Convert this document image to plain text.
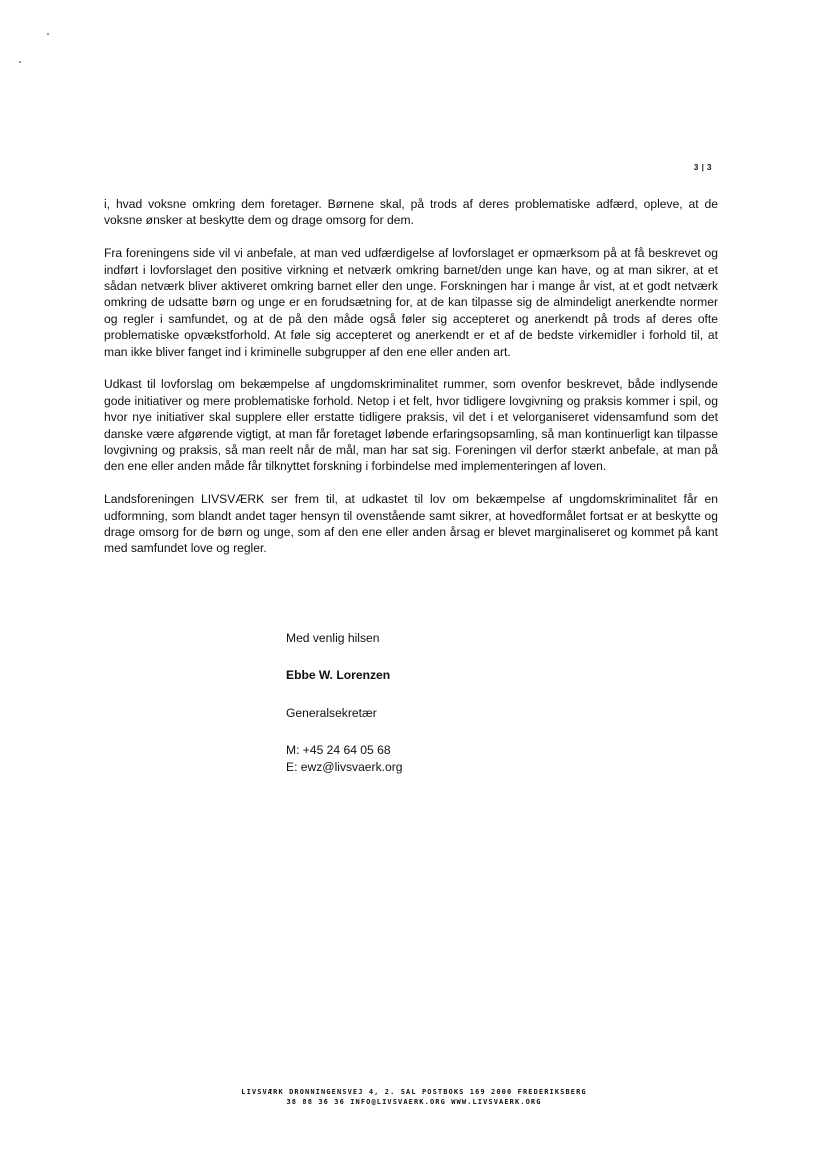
3 | 3

i, hvad voksne omkring dem foretager. Børnene skal, på trods af deres problematiske adfærd, opleve, at de voksne ønsker at beskytte dem og drage omsorg for dem.

Fra foreningens side vil vi anbefale, at man ved udfærdigelse af lovforslaget er opmærksom på at få beskrevet og indført i lovforslaget den positive virkning et netværk omkring barnet/den unge kan have, og at man sikrer, at et sådan netværk bliver aktiveret omkring barnet eller den unge. Forskningen har i mange år vist, at et godt netværk omkring de udsatte børn og unge er en forudsætning for, at de kan tilpasse sig de almindeligt anerkendte normer og regler i samfundet, og at de på den måde også føler sig accepteret og anerkendt på trods af deres ofte problematiske opvækstforhold. At føle sig accepteret og anerkendt er et af de bedste virkemidler i forhold til, at man ikke bliver fanget ind i kriminelle subgrupper af den ene eller anden art.

Udkast til lovforslag om bekæmpelse af ungdomskriminalitet rummer, som ovenfor beskrevet, både indlysende gode initiativer og mere problematiske forhold. Netop i et felt, hvor tidligere lovgivning og praksis kommer i spil, og hvor nye initiativer skal supplere eller erstatte tidligere praksis, vil det i et velorganiseret vidensamfund som det danske være afgørende vigtigt, at man får foretaget løbende erfaringsopsamling, så man kontinuerligt kan tilpasse lovgivning og praksis, så man reelt når de mål, man har sat sig. Foreningen vil derfor stærkt anbefale, at man på den ene eller anden måde får tilknyttet forskning i forbindelse med implementeringen af loven.

Landsforeningen LIVSVÆRK ser frem til, at udkastet til lov om bekæmpelse af ungdomskriminalitet får en udformning, som blandt andet tager hensyn til ovenstående samt sikrer, at hovedformålet fortsat er at beskytte og drage omsorg for de børn og unge, som af den ene eller anden årsag er blevet marginaliseret og kommet på kant med samfundet love og regler.

Med venlig hilsen
Ebbe W. Lorenzen
Generalsekretær
M: +45 24 64 05 68
E: ewz@livsvaerk.org
LIVSVÆRK DRONNINGENSVEJ 4, 2. SAL POSTBOKS 169 2000 FREDERIKSBERG
38 88 36 36 INFO@LIVSVAERK.ORG WWW.LIVSVAERK.ORG
